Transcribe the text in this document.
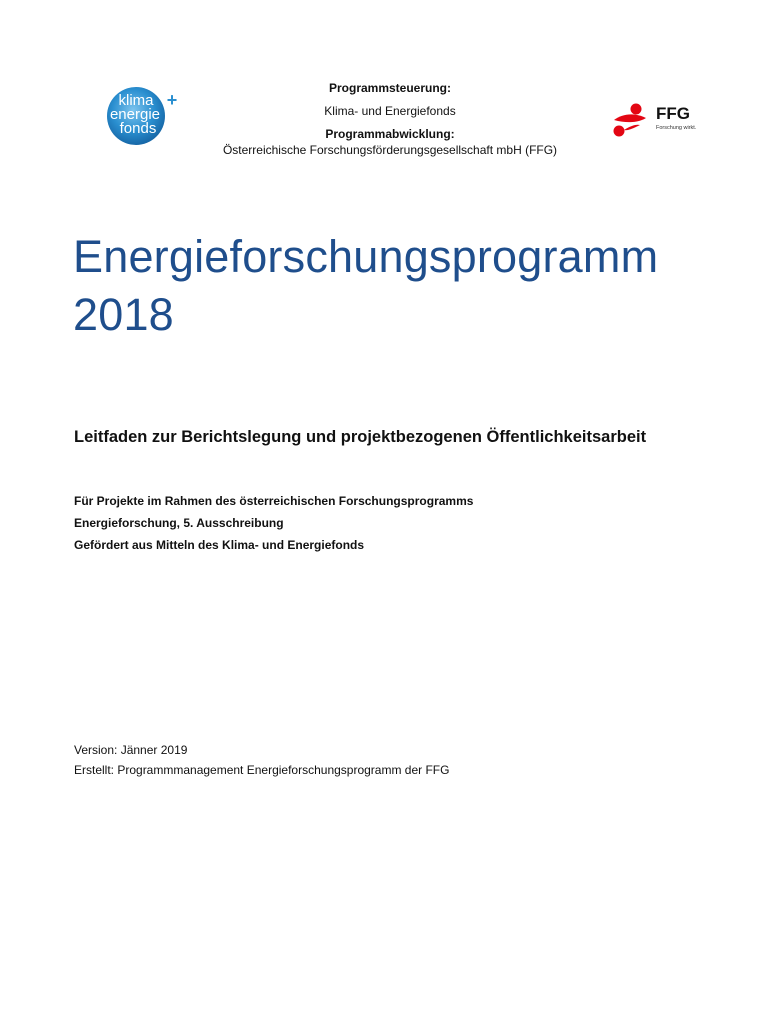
klima
energie
fonds
+
Programmsteuerung:
Klima- und Energiefonds
Programmabwicklung:
Österreichische Forschungsförderungsgesellschaft mbH (FFG)
FFG
Forschung wirkt.
Energieforschungsprogramm
2018
Leitfaden zur Berichtslegung und projektbezogenen Öffentlichkeitsarbeit
Für Projekte im Rahmen des österreichischen Forschungsprogramms
Energieforschung, 5. Ausschreibung
Gefördert aus Mitteln des Klima- und Energiefonds
Version: Jänner 2019
Erstellt: Programmmanagement Energieforschungsprogramm der FFG
